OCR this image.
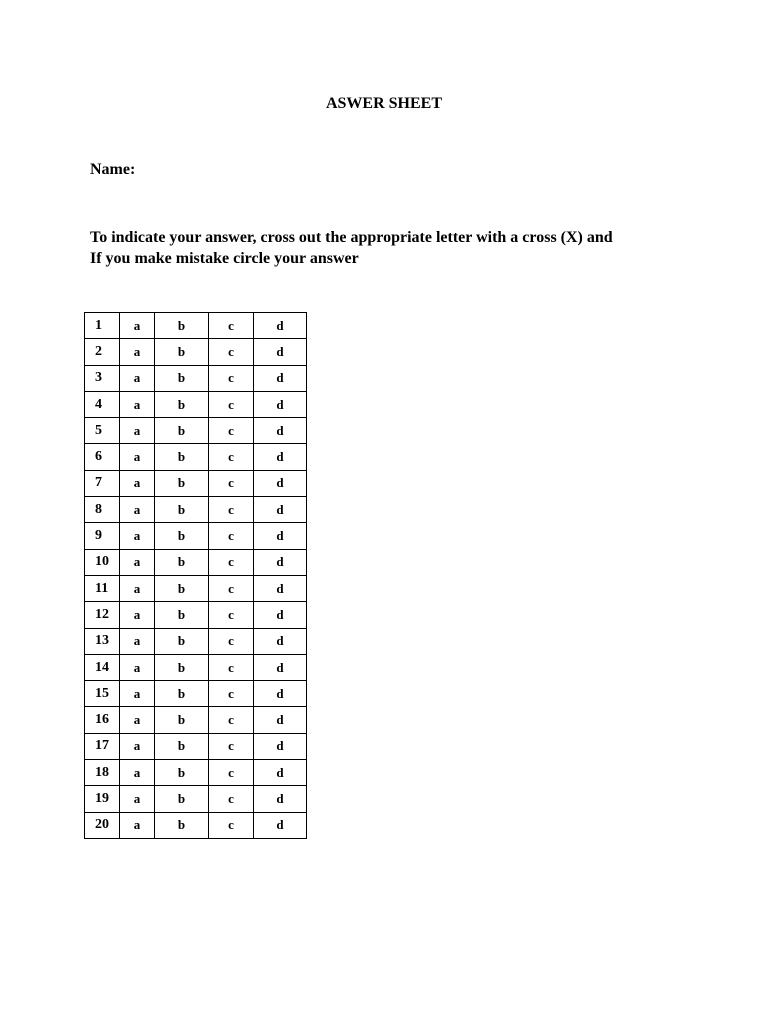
ASWER SHEET
Name:
To indicate your answer, cross out the appropriate letter with a cross (X) and
If you make mistake circle your answer
1	a	b	c	d
2	a	b	c	d
3	a	b	c	d
4	a	b	c	d
5	a	b	c	d
6	a	b	c	d
7	a	b	c	d
8	a	b	c	d
9	a	b	c	d
10	a	b	c	d
11	a	b	c	d
12	a	b	c	d
13	a	b	c	d
14	a	b	c	d
15	a	b	c	d
16	a	b	c	d
17	a	b	c	d
18	a	b	c	d
19	a	b	c	d
20	a	b	c	d
